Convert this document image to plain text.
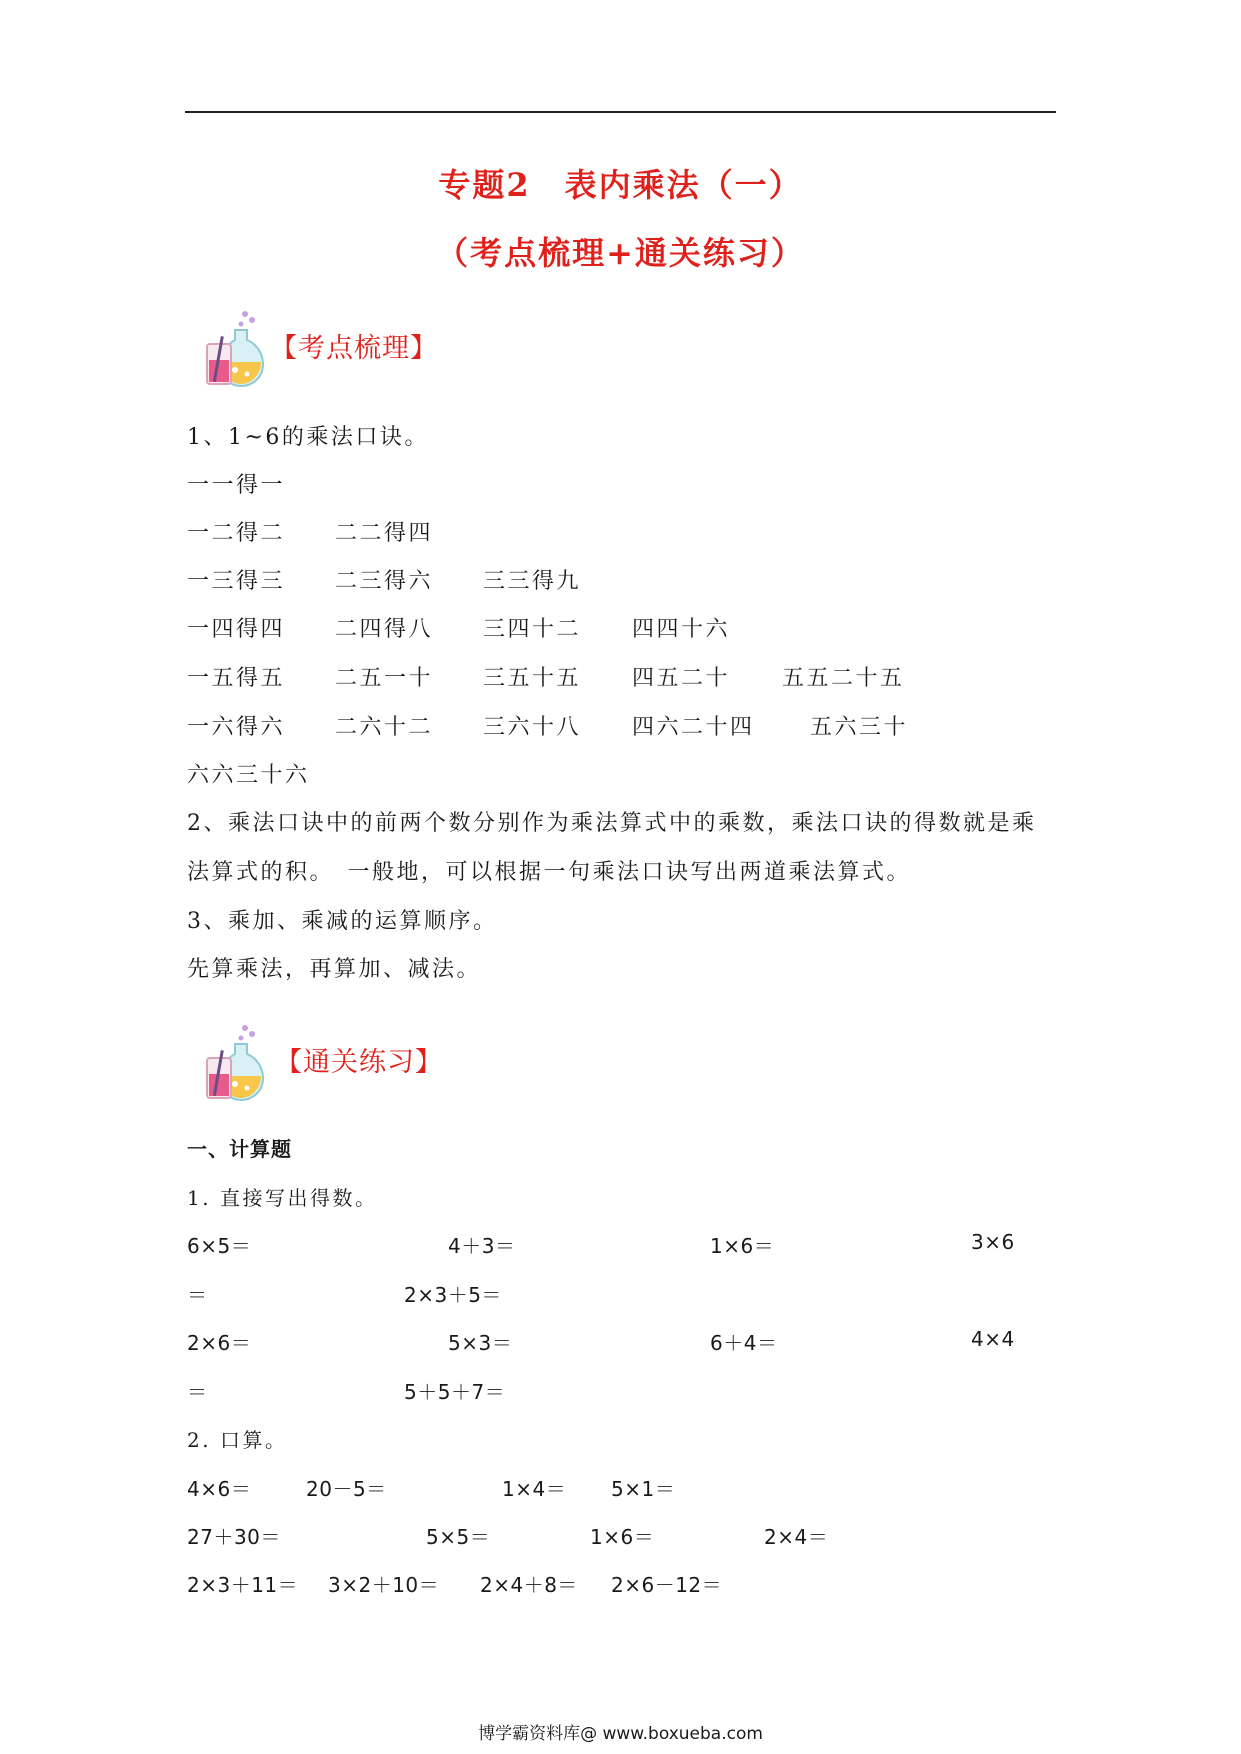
专题2　表内乘法（一）
（考点梳理+通关练习）
【考点梳理】
1、1~6的乘法口诀。
一一得一
一二得二 二二得四
一三得三 二三得六 三三得九
一四得四 二四得八 三四十二 四四十六
一五得五 二五一十 三五十五 四五二十 五五二十五
一六得六 二六十二 三六十八 四六二十四	五六三十
六六三十六
2、乘法口诀中的前两个数分别作为乘法算式中的乘数，乘法口诀的得数就是乘
法算式的积。　一般地，可以根据一句乘法口诀写出两道乘法算式。
3、乘加、乘减的运算顺序。
先算乘法，再算加、减法。
【通关练习】
一、计算题
1. 直接写出得数。
6×5＝	4＋3＝	1×6＝	3×6
＝	2×3＋5＝
2×6＝	5×3＝	6＋4＝	4×4
＝	5＋5＋7＝
2. 口算。
4×6＝	20－5＝	1×4＝ 5×1＝
27＋30＝	5×5＝	1×6＝	2×4＝
2×3＋11＝ 3×2＋10＝ 2×4＋8＝ 2×6－12＝
博学霸资料库@ www.boxueba.com
